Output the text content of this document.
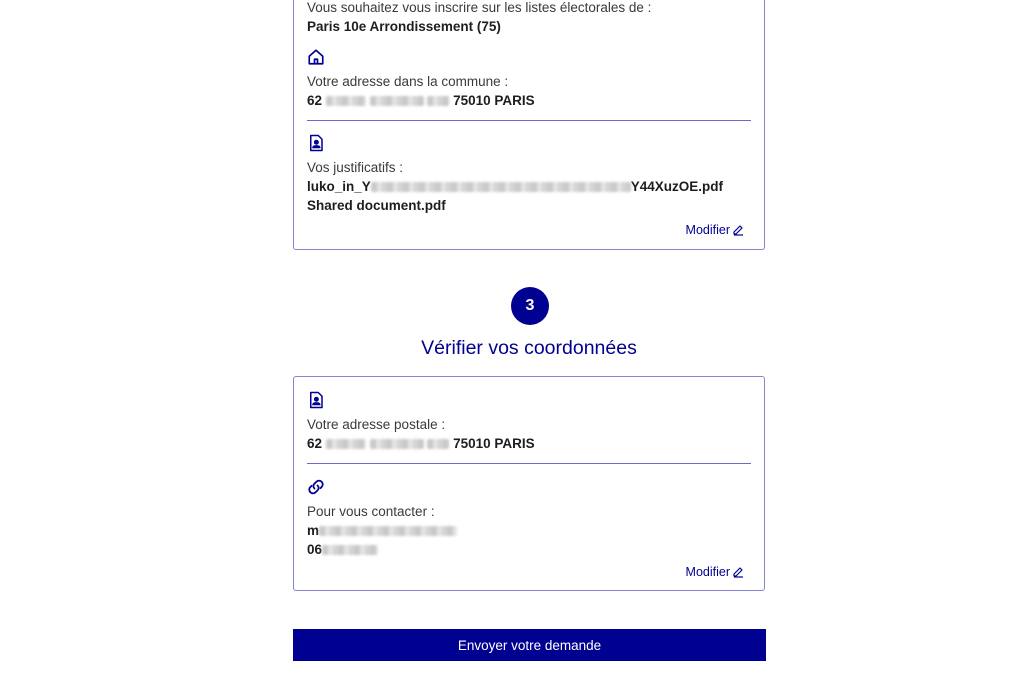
Vous souhaitez vous inscrire sur les listes électorales de :
Paris 10e Arrondissement (75)
Votre adresse dans la commune :
62	75010 PARIS
Vos justificatifs :
luko_in_Y	Y44XuzOE.pdf
Shared document.pdf
Modifier
3
Vérifier vos coordonnées
Votre adresse postale :
62	75010 PARIS
Pour vous contacter :
m
06
Modifier
Envoyer votre demande
